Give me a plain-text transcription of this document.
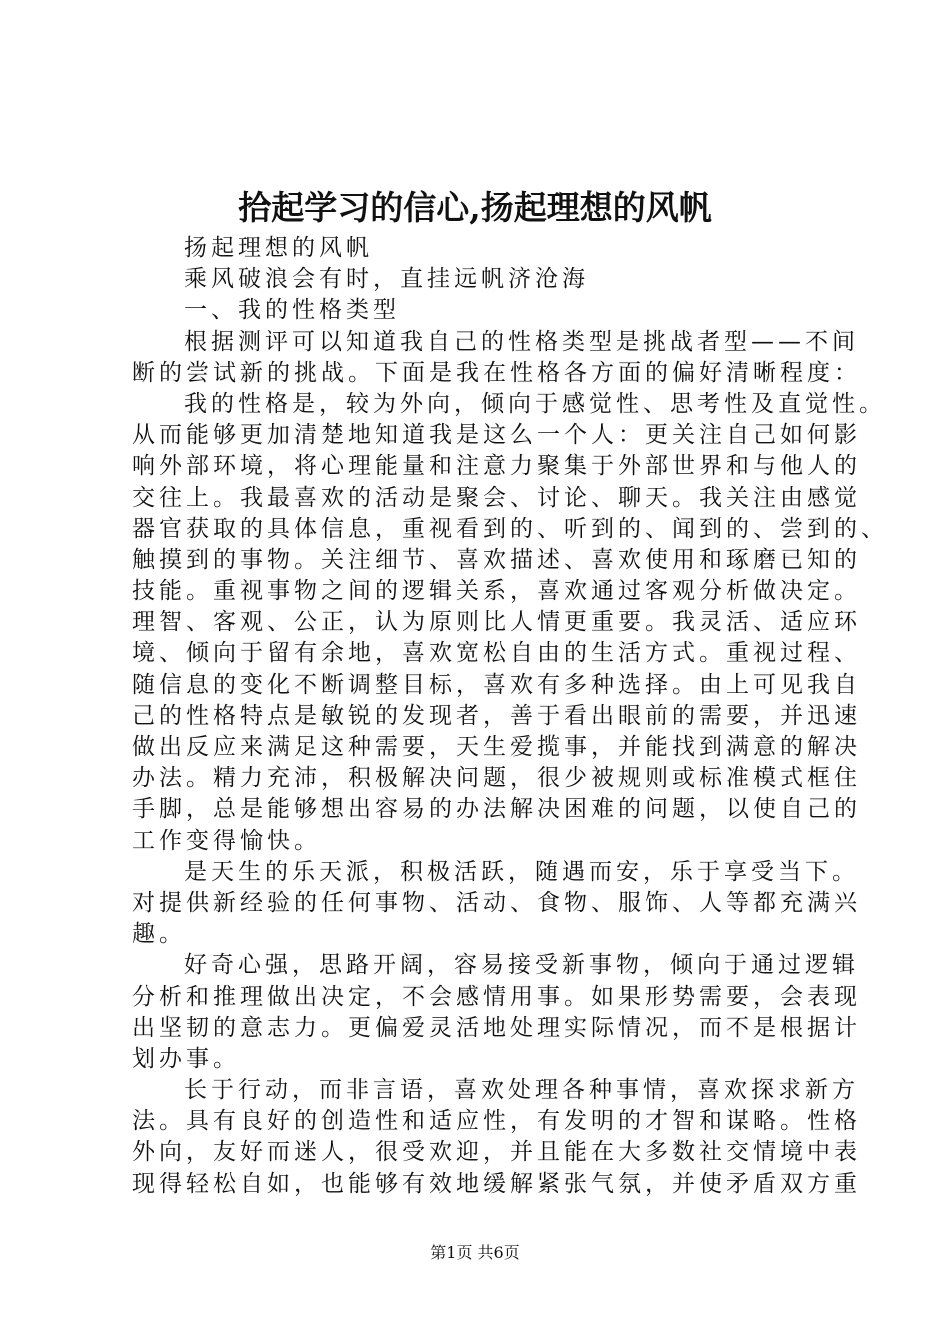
拾起学习的信心,扬起理想的风帆
扬起理想的风帆
乘风破浪会有时，直挂远帆济沧海
一、我的性格类型
根据测评可以知道我自己的性格类型是挑战者型——不间
断的尝试新的挑战。下面是我在性格各方面的偏好清晰程度：
我的性格是，较为外向，倾向于感觉性、思考性及直觉性。
从而能够更加清楚地知道我是这么一个人：更关注自己如何影
响外部环境，将心理能量和注意力聚集于外部世界和与他人的
交往上。我最喜欢的活动是聚会、讨论、聊天。我关注由感觉
器官获取的具体信息，重视看到的、听到的、闻到的、尝到的、
触摸到的事物。关注细节、喜欢描述、喜欢使用和琢磨已知的
技能。重视事物之间的逻辑关系，喜欢通过客观分析做决定。
理智、客观、公正，认为原则比人情更重要。我灵活、适应环
境、倾向于留有余地，喜欢宽松自由的生活方式。重视过程、
随信息的变化不断调整目标，喜欢有多种选择。由上可见我自
己的性格特点是敏锐的发现者，善于看出眼前的需要，并迅速
做出反应来满足这种需要，天生爱揽事，并能找到满意的解决
办法。精力充沛，积极解决问题，很少被规则或标准模式框住
手脚，总是能够想出容易的办法解决困难的问题，以使自己的
工作变得愉快。
是天生的乐天派，积极活跃，随遇而安，乐于享受当下。
对提供新经验的任何事物、活动、食物、服饰、人等都充满兴
趣。
好奇心强，思路开阔，容易接受新事物，倾向于通过逻辑
分析和推理做出决定，不会感情用事。如果形势需要，会表现
出坚韧的意志力。更偏爱灵活地处理实际情况，而不是根据计
划办事。
长于行动，而非言语，喜欢处理各种事情，喜欢探求新方
法。具有良好的创造性和适应性，有发明的才智和谋略。性格
外向，友好而迷人，很受欢迎，并且能在大多数社交情境中表
现得轻松自如，也能够有效地缓解紧张气氛，并使矛盾双方重
第1页 共6页
